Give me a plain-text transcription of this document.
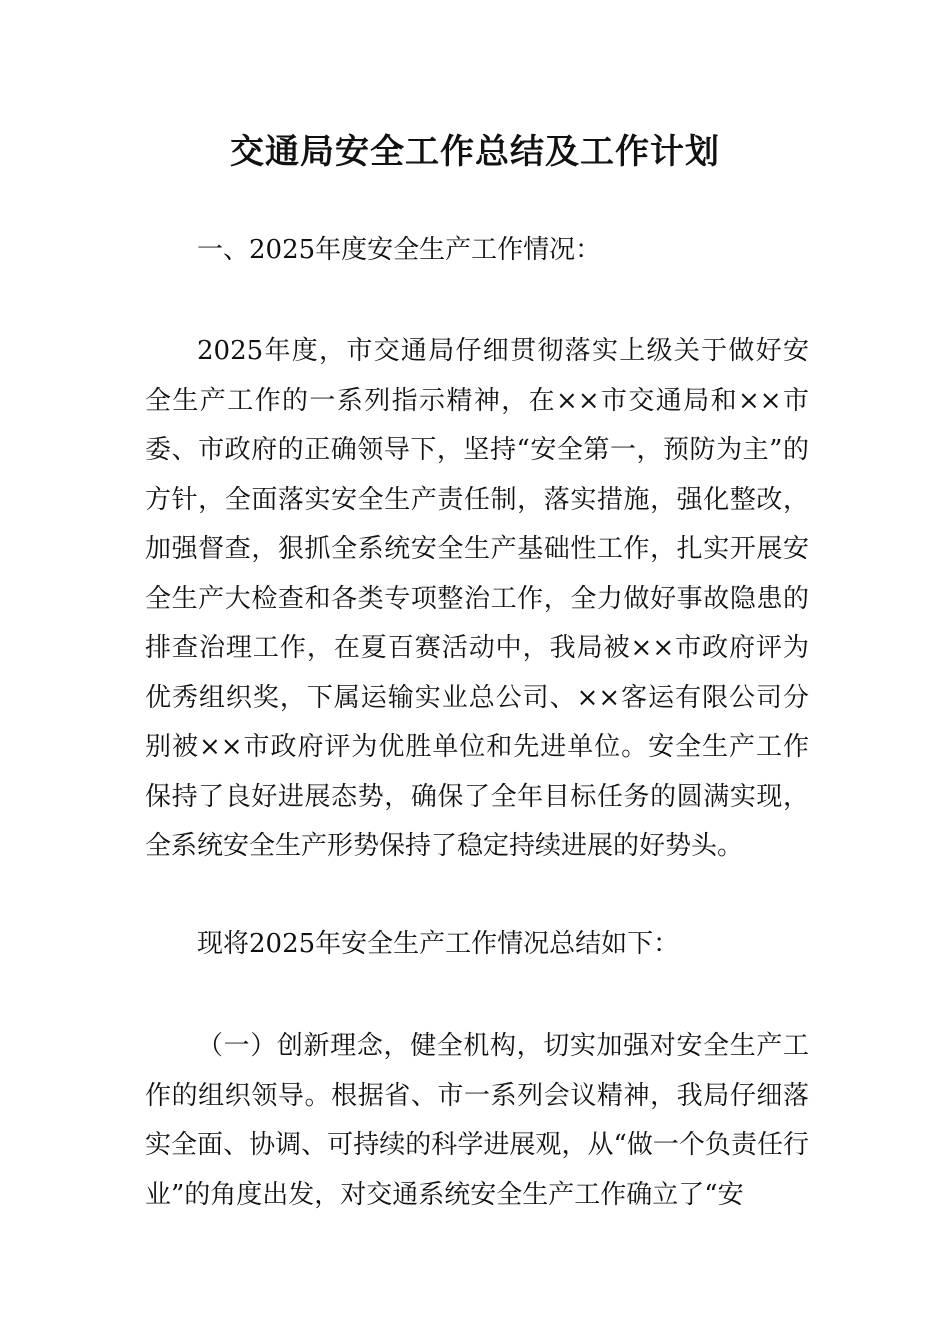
交通局安全工作总结及工作计划

一、2025年度安全生产工作情况：

2025年度，市交通局仔细贯彻落实上级关于做好安全生产工作的一系列指示精神，在××市交通局和××市委、市政府的正确领导下，坚持“安全第一，预防为主”的方针，全面落实安全生产责任制，落实措施，强化整改，加强督查，狠抓全系统安全生产基础性工作，扎实开展安全生产大检查和各类专项整治工作，全力做好事故隐患的排查治理工作，在夏百赛活动中，我局被××市政府评为优秀组织奖，下属运输实业总公司、××客运有限公司分别被××市政府评为优胜单位和先进单位。安全生产工作保持了良好进展态势，确保了全年目标任务的圆满实现，全系统安全生产形势保持了稳定持续进展的好势头。

现将2025年安全生产工作情况总结如下：

（一）创新理念，健全机构，切实加强对安全生产工作的组织领导。根据省、市一系列会议精神，我局仔细落实全面、协调、可持续的科学进展观，从“做一个负责任行业”的角度出发，对交通系统安全生产工作确立了“安
